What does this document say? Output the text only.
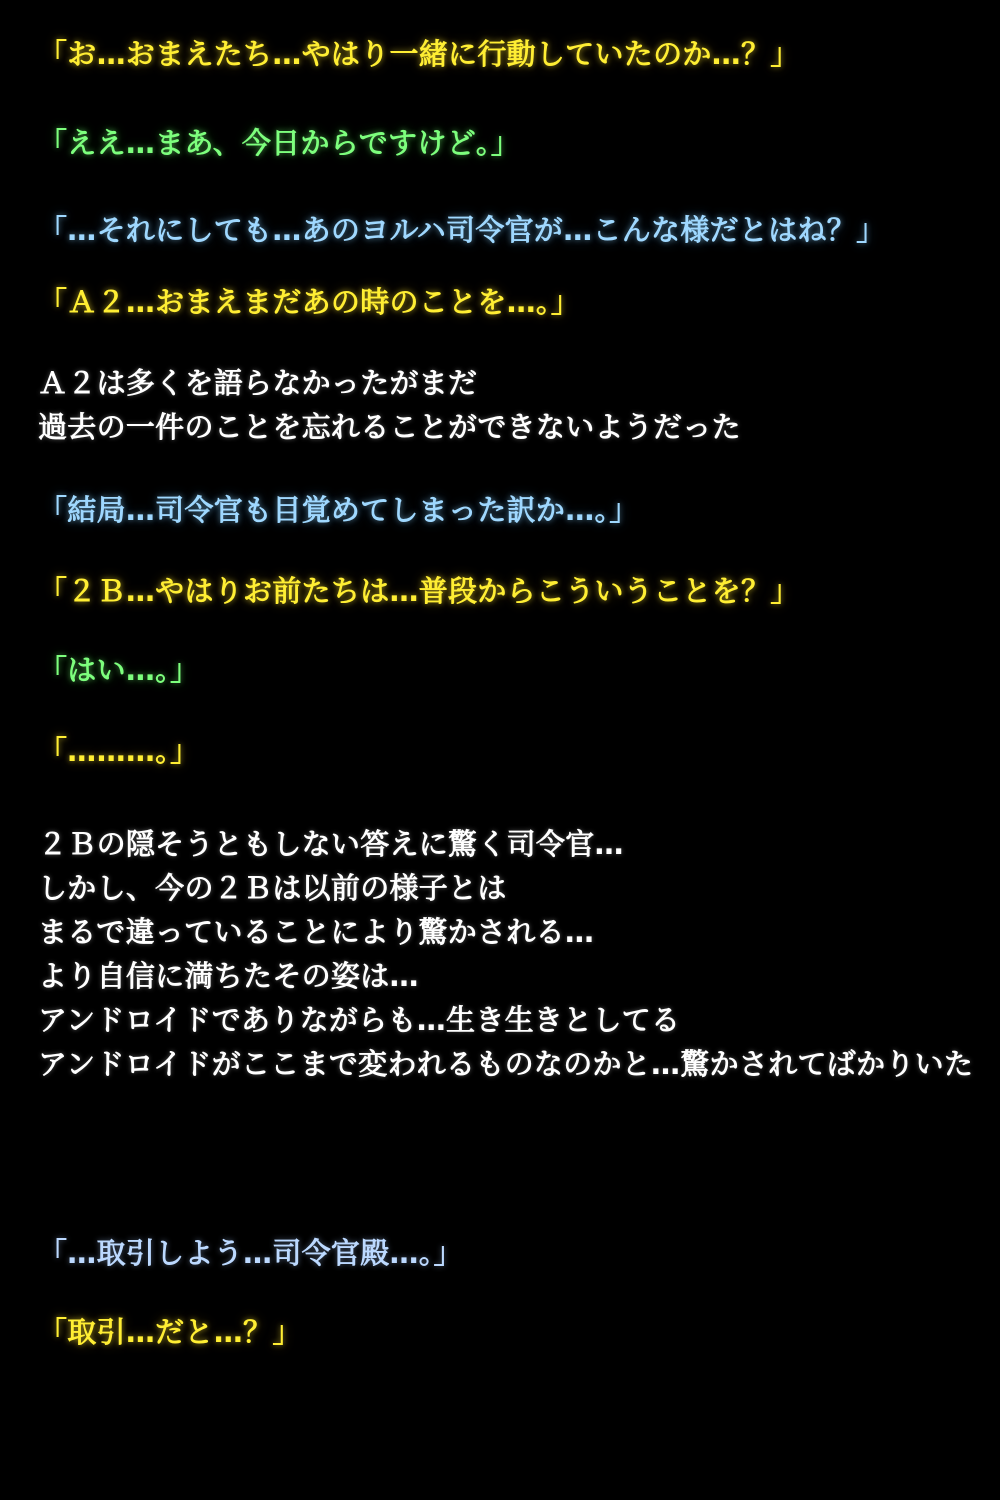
「お…おまえたち…やはり一緒に行動していたのか…？」
「ええ…まあ、今日からですけど。」
「…それにしても…あのヨルハ司令官が…こんな様だとはね？」
「Ａ２…おまえまだあの時のことを…。」
Ａ２は多くを語らなかったがまだ
過去の一件のことを忘れることができないようだった
「結局…司令官も目覚めてしまった訳か…。」
「２Ｂ…やはりお前たちは…普段からこういうことを？」
「はい…。」
「………。」
２Ｂの隠そうともしない答えに驚く司令官…
しかし、今の２Ｂは以前の様子とは
まるで違っていることにより驚かされる…
より自信に満ちたその姿は…
アンドロイドでありながらも…生き生きとしてる
アンドロイドがここまで変われるものなのかと…驚かされてばかりいた
「…取引しよう…司令官殿…。」
「取引…だと…？」
